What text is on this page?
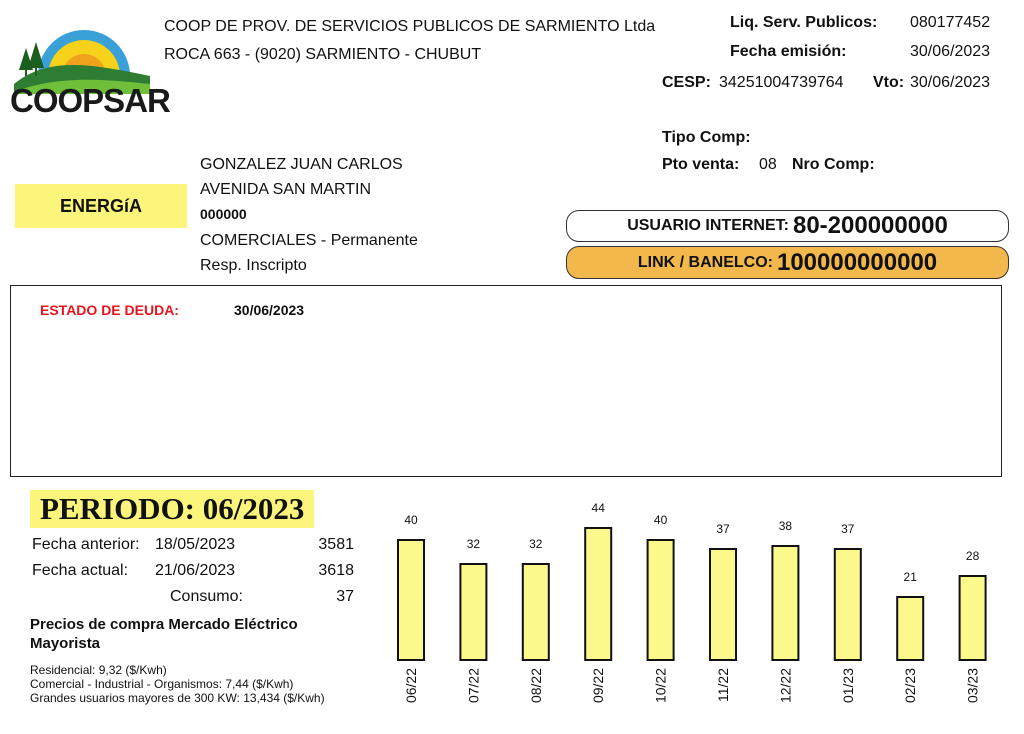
COOPSAR
COOP DE PROV. DE SERVICIOS PUBLICOS DE SARMIENTO Ltda
ROCA 663 - (9020) SARMIENTO - CHUBUT
Liq. Serv. Publicos: 080177452
Fecha emisión:	30/06/2023
CESP: 34251004739764 Vto: 30/06/2023
Tipo Comp:
Pto venta: 08 Nro Comp:
ENERGíA
GONZALEZ JUAN CARLOS
AVENIDA SAN MARTIN
000000
COMERCIALES - Permanente
Resp. Inscripto
USUARIO INTERNET: 80-200000000
LINK / BANELCO: 100000000000
ESTADO DE DEUDA:	30/06/2023
PERIODO: 06/2023
Fecha anterior: 18/05/2023	3581
Fecha actual: 21/06/2023	3618
Consumo:	37
Precios de compra Mercado Eléctrico Mayorista
Residencial: 9,32 ($/Kwh)
Comercial - Industrial - Organismos: 7,44 ($/Kwh)
Grandes usuarios mayores de 300 KW: 13,434 ($/Kwh)
40
06/22
32
07/22
32
08/22
44
09/22
40
10/22
37
11/22
38
12/22
37
01/23
21
02/23
28
03/23
